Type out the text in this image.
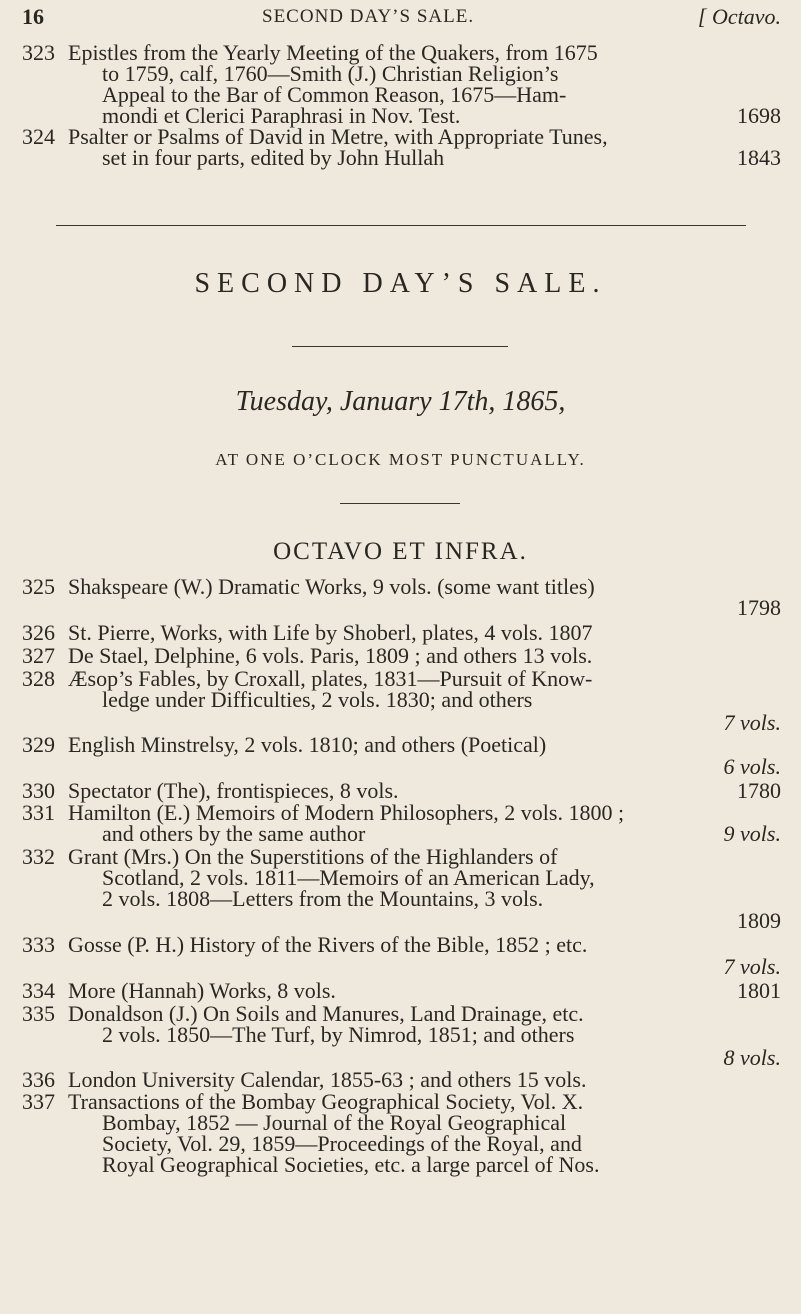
16	SECOND DAY’S SALE.	[ Octavo.
323 Epistles from the Yearly Meeting of the Quakers, from 1675
to 1759, calf, 1760—Smith (J.) Christian Religion’s
Appeal to the Bar of Common Reason, 1675—Ham-
mondi et Clerici Paraphrasi in Nov. Test.	1698
324 Psalter or Psalms of David in Metre, with Appropriate Tunes,
set in four parts, edited by John Hullah	1843
SECOND DAY’S SALE.
Tuesday, January 17th, 1865,
AT ONE O’CLOCK MOST PUNCTUALLY.
OCTAVO ET INFRA.
325 Shakspeare (W.) Dramatic Works, 9 vols. (some want titles)
1798
326 St. Pierre, Works, with Life by Shoberl, plates, 4 vols. 1807
327 De Stael, Delphine, 6 vols. Paris, 1809 ; and others 13 vols.
328 Æsop’s Fables, by Croxall, plates, 1831—Pursuit of Know-
ledge under Difficulties, 2 vols. 1830; and others
7 vols.
329 English Minstrelsy, 2 vols. 1810; and others (Poetical)
6 vols.
330 Spectator (The), frontispieces, 8 vols.	1780
331 Hamilton (E.) Memoirs of Modern Philosophers, 2 vols. 1800 ;
and others by the same author	9 vols.
332 Grant (Mrs.) On the Superstitions of the Highlanders of
Scotland, 2 vols. 1811—Memoirs of an American Lady,
2 vols. 1808—Letters from the Mountains, 3 vols.
1809
333 Gosse (P. H.) History of the Rivers of the Bible, 1852 ; etc.
7 vols.
334 More (Hannah) Works, 8 vols.	1801
335 Donaldson (J.) On Soils and Manures, Land Drainage, etc.
2 vols. 1850—The Turf, by Nimrod, 1851; and others
8 vols.
336 London University Calendar, 1855-63 ; and others 15 vols.
337 Transactions of the Bombay Geographical Society, Vol. X.
Bombay, 1852 — Journal of the Royal Geographical
Society, Vol. 29, 1859—Proceedings of the Royal, and
Royal Geographical Societies, etc. a large parcel of Nos.
